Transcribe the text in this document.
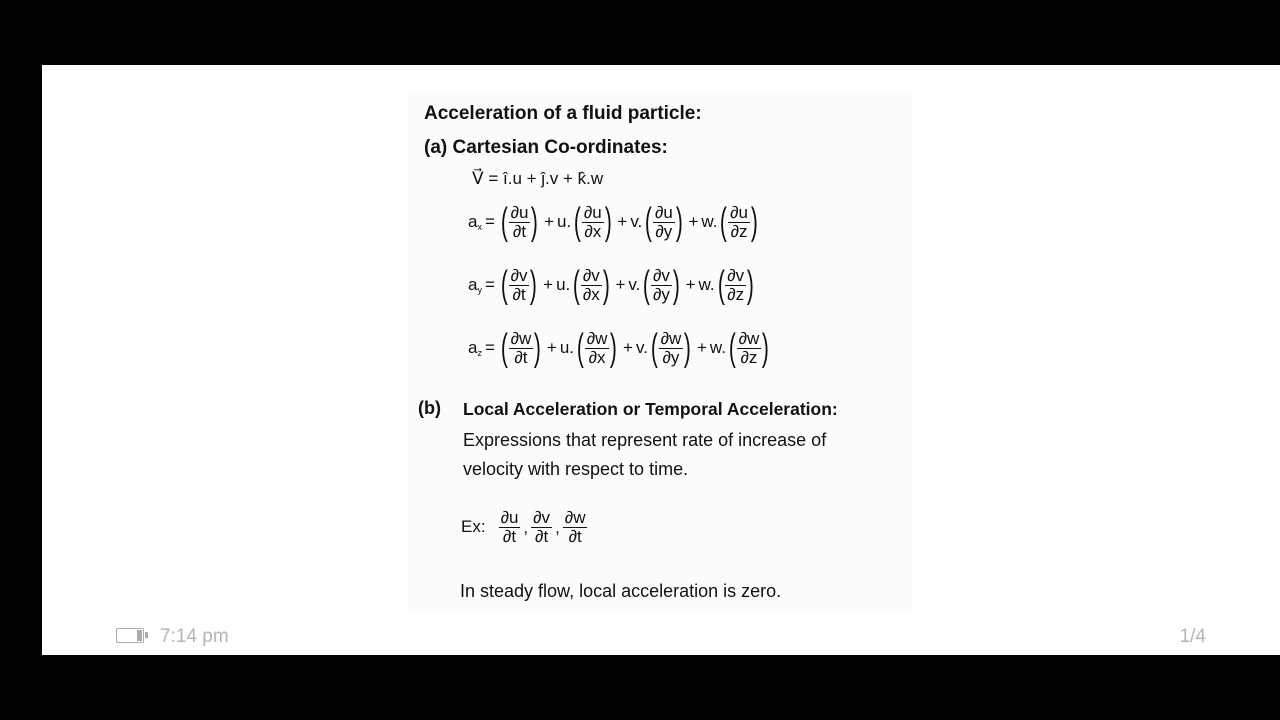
Acceleration of a fluid particle:
(a) Cartesian Co-ordinates:
V⃗ = î.u + ĵ.v + k̂.w
$a_x$ = ( $\frac{\partial u}{\partial t}$
) + u. ( $\frac{\partial u}{\partial x}$
) + v. ( $\frac{\partial u}{\partial y}$
) + w. ( $\frac{\partial u}{\partial z}$
)
$a_y$ = ( $\frac{\partial v}{\partial t}$
) + u. ( $\frac{\partial v}{\partial x}$
) + v. ( $\frac{\partial v}{\partial y}$
) + w. ( $\frac{\partial v}{\partial z}$
)
$a_z$ = ( $\frac{\partial w}{\partial t}$
) + u. ( $\frac{\partial w}{\partial x}$
) + v. ( $\frac{\partial w}{\partial y}$
) + w. ( $\frac{\partial w}{\partial z}$
)
(b) Local Acceleration or Temporal Acceleration:
Expressions that represent rate of increase of
velocity with respect to time.
Ex: $\frac{\partial u}{\partial t}$ , $\frac{\partial v}{\partial t}$ , $\frac{\partial w}{\partial t}$
In steady flow, local acceleration is zero.
7:14 pm	1/4
